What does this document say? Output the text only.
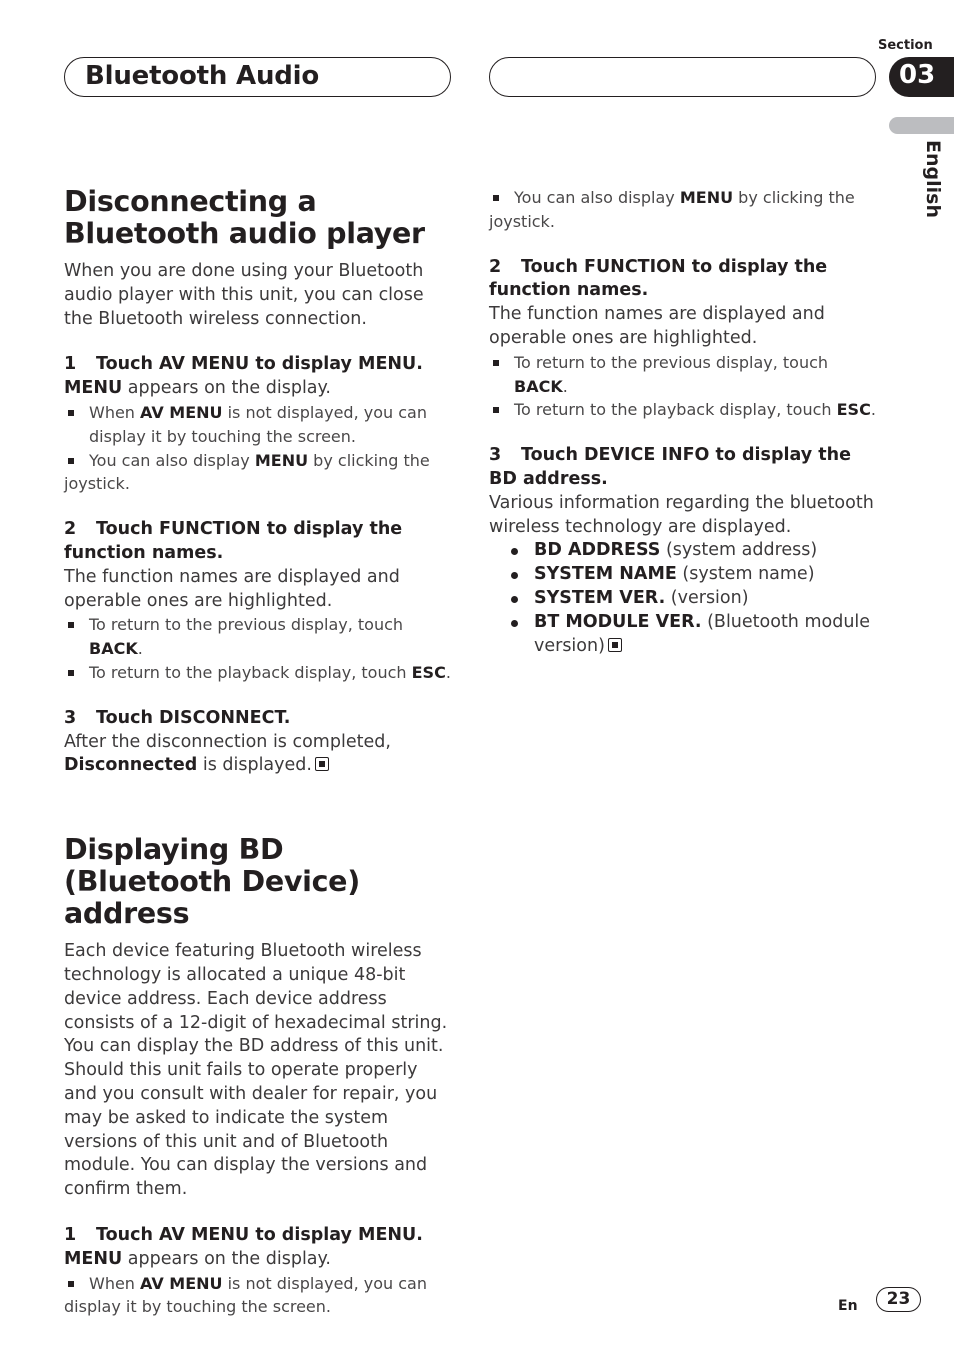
Bluetooth Audio
Section
03
English
Disconnecting a Bluetooth audio player

When you are done using your Bluetooth audio player with this unit, you can close the Bluetooth wireless connection.

1 Touch AV MENU to display MENU.

MENU appears on the display.

When AV MENU is not displayed, you can display it by touching the screen.

You can also display MENU by clicking the joystick.

2 Touch FUNCTION to display the function names.

The function names are displayed and operable ones are highlighted.

To return to the previous display, touch BACK.

To return to the playback display, touch ESC.

3 Touch DISCONNECT.

After the disconnection is completed, Disconnected is displayed.

Displaying BD (Bluetooth Device) address

Each device featuring Bluetooth wireless technology is allocated a unique 48-bit device address. Each device address consists of a 12-digit of hexadecimal string.

You can display the BD address of this unit. Should this unit fails to operate properly and you consult with dealer for repair, you may be asked to indicate the system versions of this unit and of Bluetooth module. You can display the versions and confirm them.

1 Touch AV MENU to display MENU.

MENU appears on the display.

When AV MENU is not displayed, you can display it by touching the screen.

You can also display MENU by clicking the joystick.

2 Touch FUNCTION to display the function names.

The function names are displayed and operable ones are highlighted.

To return to the previous display, touch BACK.

To return to the playback display, touch ESC.

3 Touch DEVICE INFO to display the BD address.

Various information regarding the bluetooth wireless technology are displayed.

BD ADDRESS (system address)
SYSTEM NAME (system name)
SYSTEM VER. (version)
BT MODULE VER. (Bluetooth module version)
En	23
